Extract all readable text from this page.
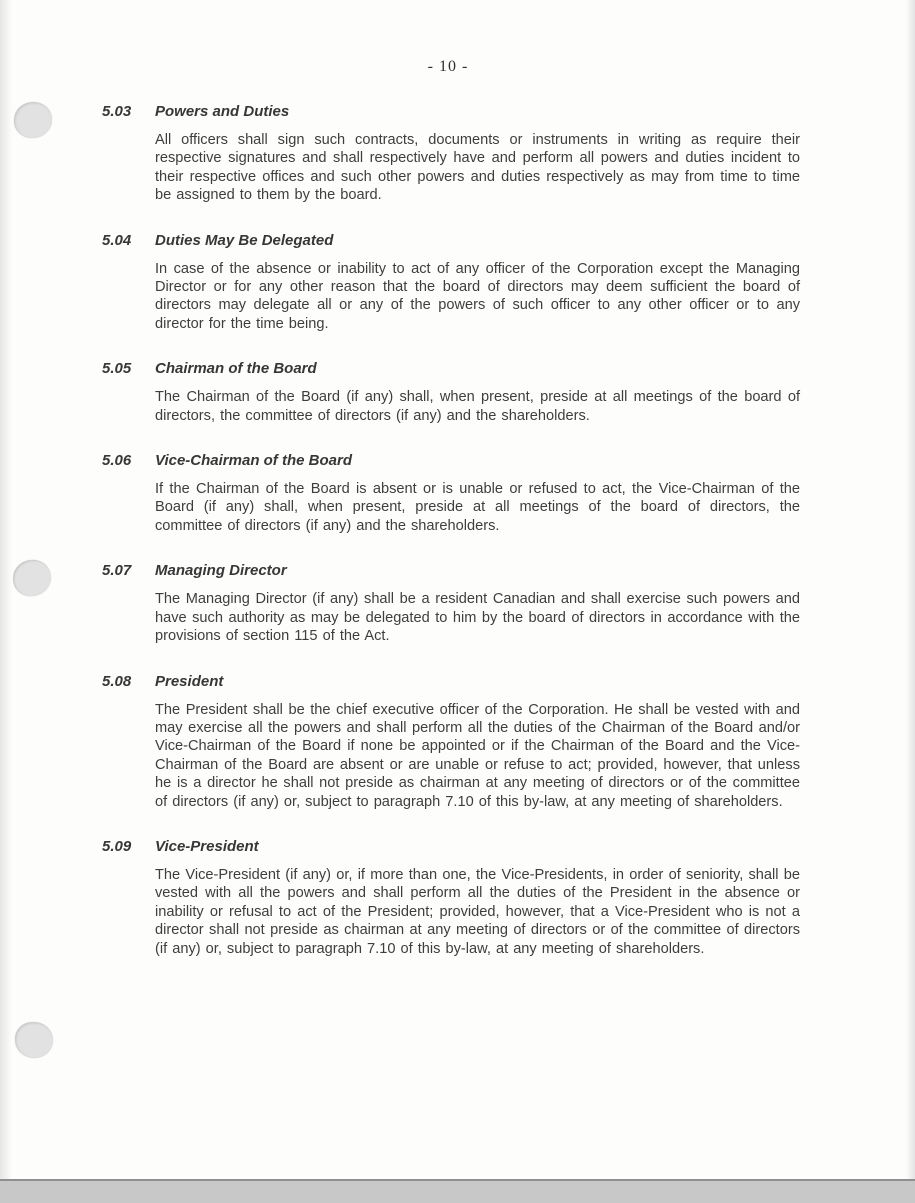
- 10 -
5.03	Powers and Duties

All officers shall sign such contracts, documents or instruments in writing as require their respective signatures and shall respectively have and perform all powers and duties incident to their respective offices and such other powers and duties respectively as may from time to time be assigned to them by the board.

5.04	Duties May Be Delegated

In case of the absence or inability to act of any officer of the Corporation except the Managing Director or for any other reason that the board of directors may deem sufficient the board of directors may delegate all or any of the powers of such officer to any other officer or to any director for the time being.

5.05	Chairman of the Board

The Chairman of the Board (if any) shall, when present, preside at all meetings of the board of directors, the committee of directors (if any) and the shareholders.

5.06	Vice-Chairman of the Board

If the Chairman of the Board is absent or is unable or refused to act, the Vice-Chairman of the Board (if any) shall, when present, preside at all meetings of the board of directors, the committee of directors (if any) and the shareholders.

5.07	Managing Director

The Managing Director (if any) shall be a resident Canadian and shall exercise such powers and have such authority as may be delegated to him by the board of directors in accordance with the provisions of section 115 of the Act.

5.08	President

The President shall be the chief executive officer of the Corporation. He shall be vested with and may exercise all the powers and shall perform all the duties of the Chairman of the Board and/or Vice-Chairman of the Board if none be appointed or if the Chairman of the Board and the Vice-Chairman of the Board are absent or are unable or refuse to act; provided, however, that unless he is a director he shall not preside as chairman at any meeting of directors or of the committee of directors (if any) or, subject to paragraph 7.10 of this by-law, at any meeting of shareholders.

5.09	Vice-President

The Vice-President (if any) or, if more than one, the Vice-Presidents, in order of seniority, shall be vested with all the powers and shall perform all the duties of the President in the absence or inability or refusal to act of the President; provided, however, that a Vice-President who is not a director shall not preside as chairman at any meeting of directors or of the committee of directors (if any) or, subject to paragraph 7.10 of this by-law, at any meeting of shareholders.
